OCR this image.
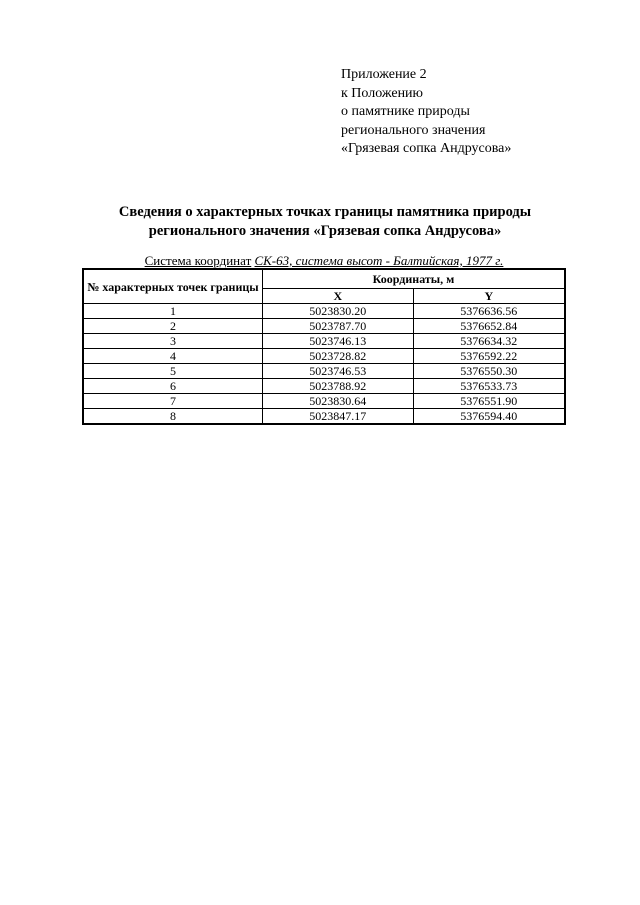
Приложение 2
к Положению
о памятнике природы
регионального значения
«Грязевая сопка Андрусова»
Сведения о характерных точках границы памятника природы
регионального значения «Грязевая сопка Андрусова»
Система координат СК-63, система высот - Балтийская, 1977 г.
№ характерных точек границы	Координаты, м	
	X	Y
1	5023830.20	5376636.56
2	5023787.70	5376652.84
3	5023746.13	5376634.32
4	5023728.82	5376592.22
5	5023746.53	5376550.30
6	5023788.92	5376533.73
7	5023830.64	5376551.90
8	5023847.17	5376594.40
